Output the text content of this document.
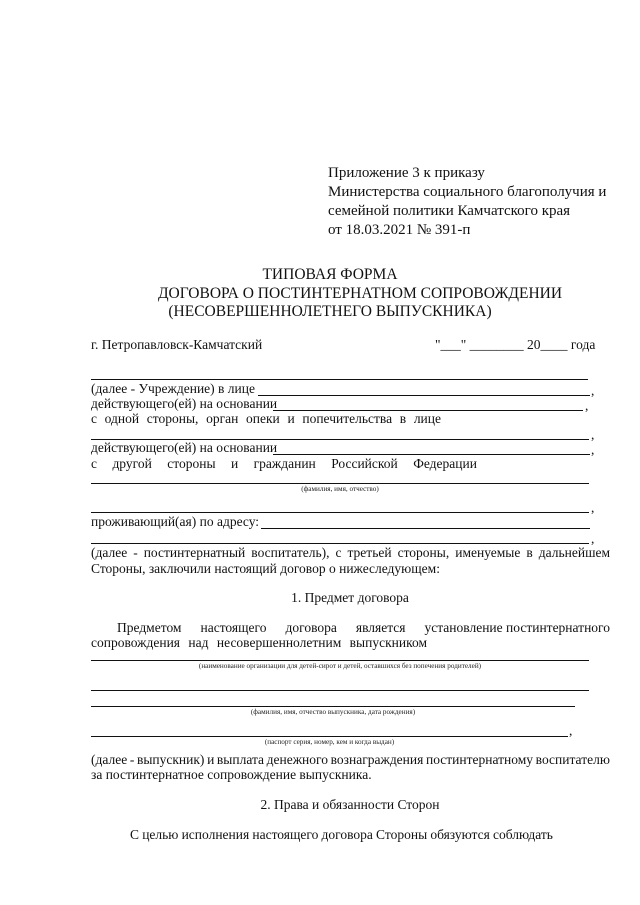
Приложение 3 к приказу
Министерства социального благополучия и
семейной политики Камчатского края
от 18.03.2021 № 391-п
ТИПОВАЯ ФОРМА
ДОГОВОРА О ПОСТИНТЕРНАТНОМ СОПРОВОЖДЕНИИ
(НЕСОВЕРШЕННОЛЕТНЕГО ВЫПУСКНИКА)
г. Петропавловск-Камчатский	"___" ________ 20____ года
(далее - Учреждение) в лице	,
действующего(ей) на основании	,
с одной стороны, орган опеки и попечительства в лице
,
действующего(ей) на основании	,
с другой стороны и гражданин Российской Федерации
(фамилия, имя, отчество)
,
проживающий(ая) по адресу:
,
(далее - постинтернатный воспитатель), с третьей стороны, именуемые в дальнейшем
Стороны, заключили настоящий договор о нижеследующем:
1. Предмет договора
Предметом настоящего договора является установление постинтернатного
сопровождения над несовершеннолетним выпускником
(наименование организации для детей-сирот и детей, оставшихся без попечения родителей)
(фамилия, имя, отчество выпускника, дата рождения)
,
(паспорт серия, номер, кем и когда выдан)
(далее - выпускник) и выплата денежного вознаграждения постинтернатному воспитателю
за постинтернатное сопровождение выпускника.
2. Права и обязанности Сторон
С целью исполнения настоящего договора Стороны обязуются соблюдать
